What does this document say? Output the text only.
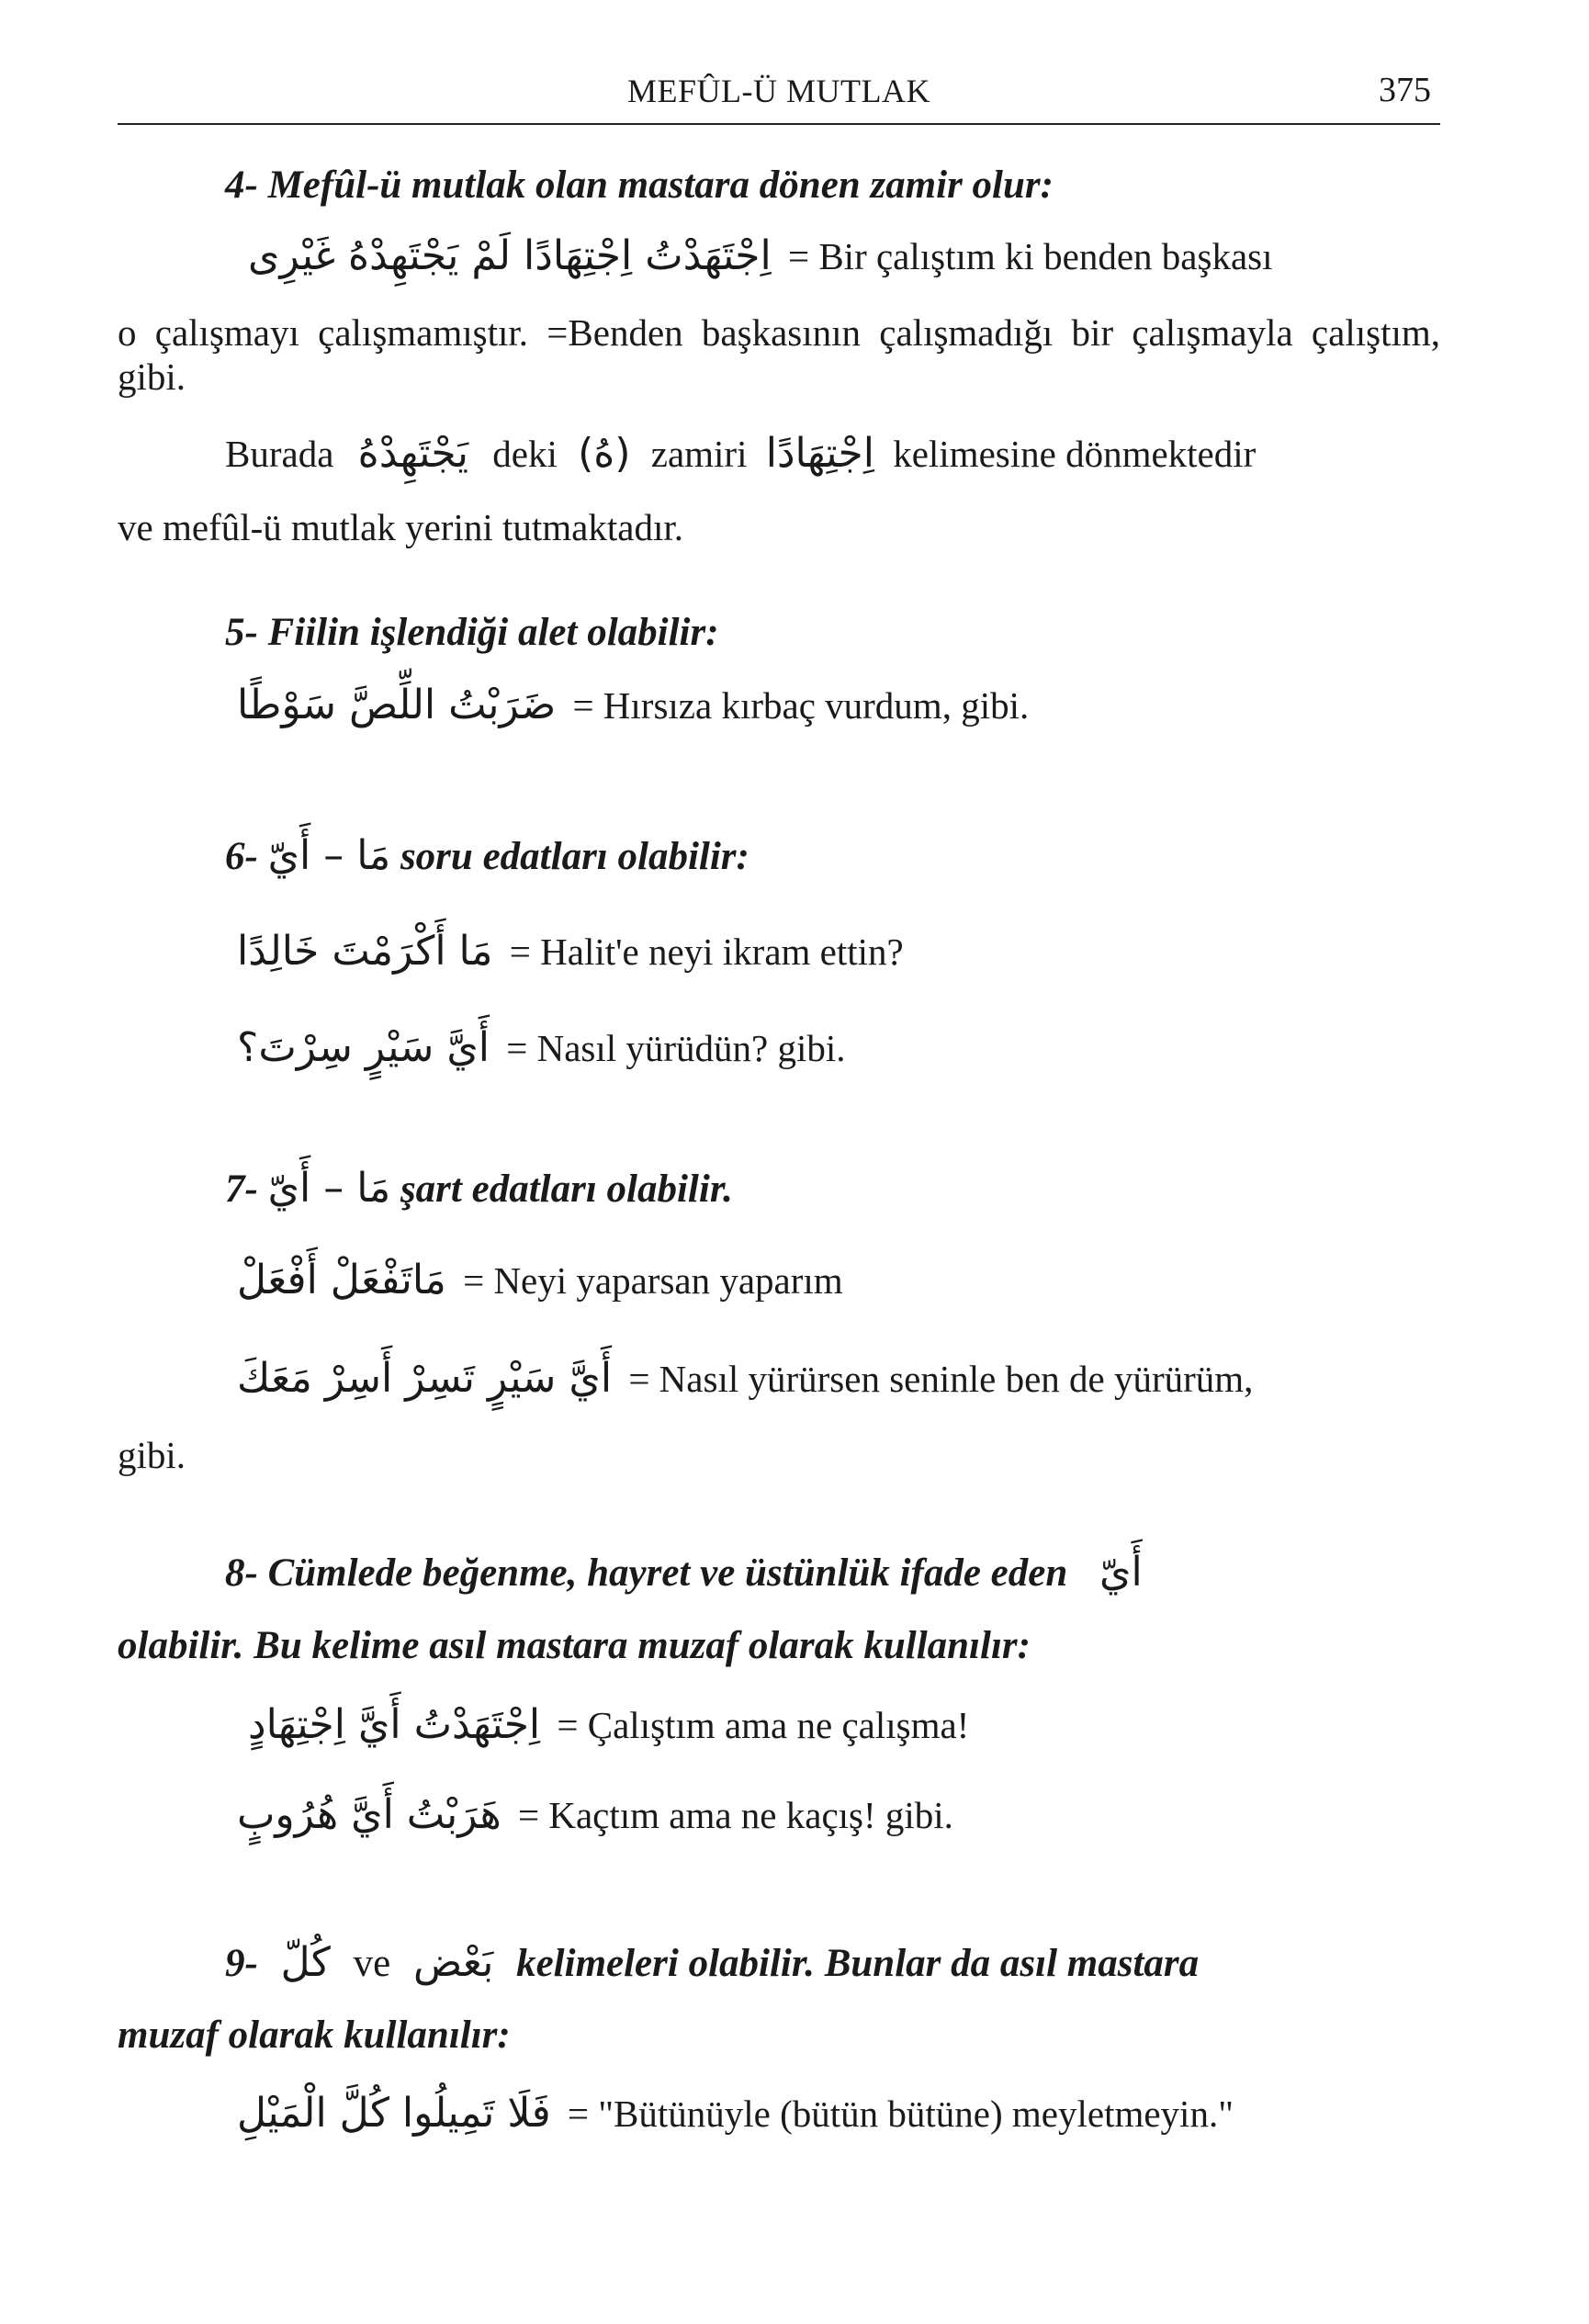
MEFÛL-Ü MUTLAK	375
4- Mefûl-ü mutlak olan mastara dönen zamir olur:
اِجْتَهَدْتُ اِجْتِهَادًا لَمْ يَجْتَهِدْهُ غَيْرِى = Bir çalıştım ki benden başkası
o çalışmayı çalışmamıştır. =Benden başkasının çalışmadığı bir çalışmayla çalıştım, gibi.
Burada يَجْتَهِدْهُ deki (هُ) zamiri اِجْتِهَادًا kelimesine dönmektedir
ve mefûl-ü mutlak yerini tutmaktadır.
5- Fiilin işlendiği alet olabilir:
ضَرَبْتُ اللِّصَّ سَوْطًا = Hırsıza kırbaç vurdum, gibi.
6- مَا – أَيّ soru edatları olabilir:
مَا أَكْرَمْتَ خَالِدًا = Halit'e neyi ikram ettin?
أَيَّ سَيْرٍ سِرْتَ؟ = Nasıl yürüdün? gibi.
7- مَا – أَيّ şart edatları olabilir.
مَاتَفْعَلْ أَفْعَلْ = Neyi yaparsan yaparım
أَيَّ سَيْرٍ تَسِرْ أَسِرْ مَعَكَ = Nasıl yürürsen seninle ben de yürürüm,
gibi.
8- Cümlede beğenme, hayret ve üstünlük ifade eden أَيّ
olabilir. Bu kelime asıl mastara muzaf olarak kullanılır:
اِجْتَهَدْتُ أَيَّ اِجْتِهَادٍ = Çalıştım ama ne çalışma!
هَرَبْتُ أَيَّ هُرُوبٍ = Kaçtım ama ne kaçış! gibi.
9- كُلّ ve بَعْض kelimeleri olabilir. Bunlar da asıl mastara
muzaf olarak kullanılır:
فَلَا تَمِيلُوا كُلَّ الْمَيْلِ = "Bütünüyle (bütün bütüne) meyletmeyin."
